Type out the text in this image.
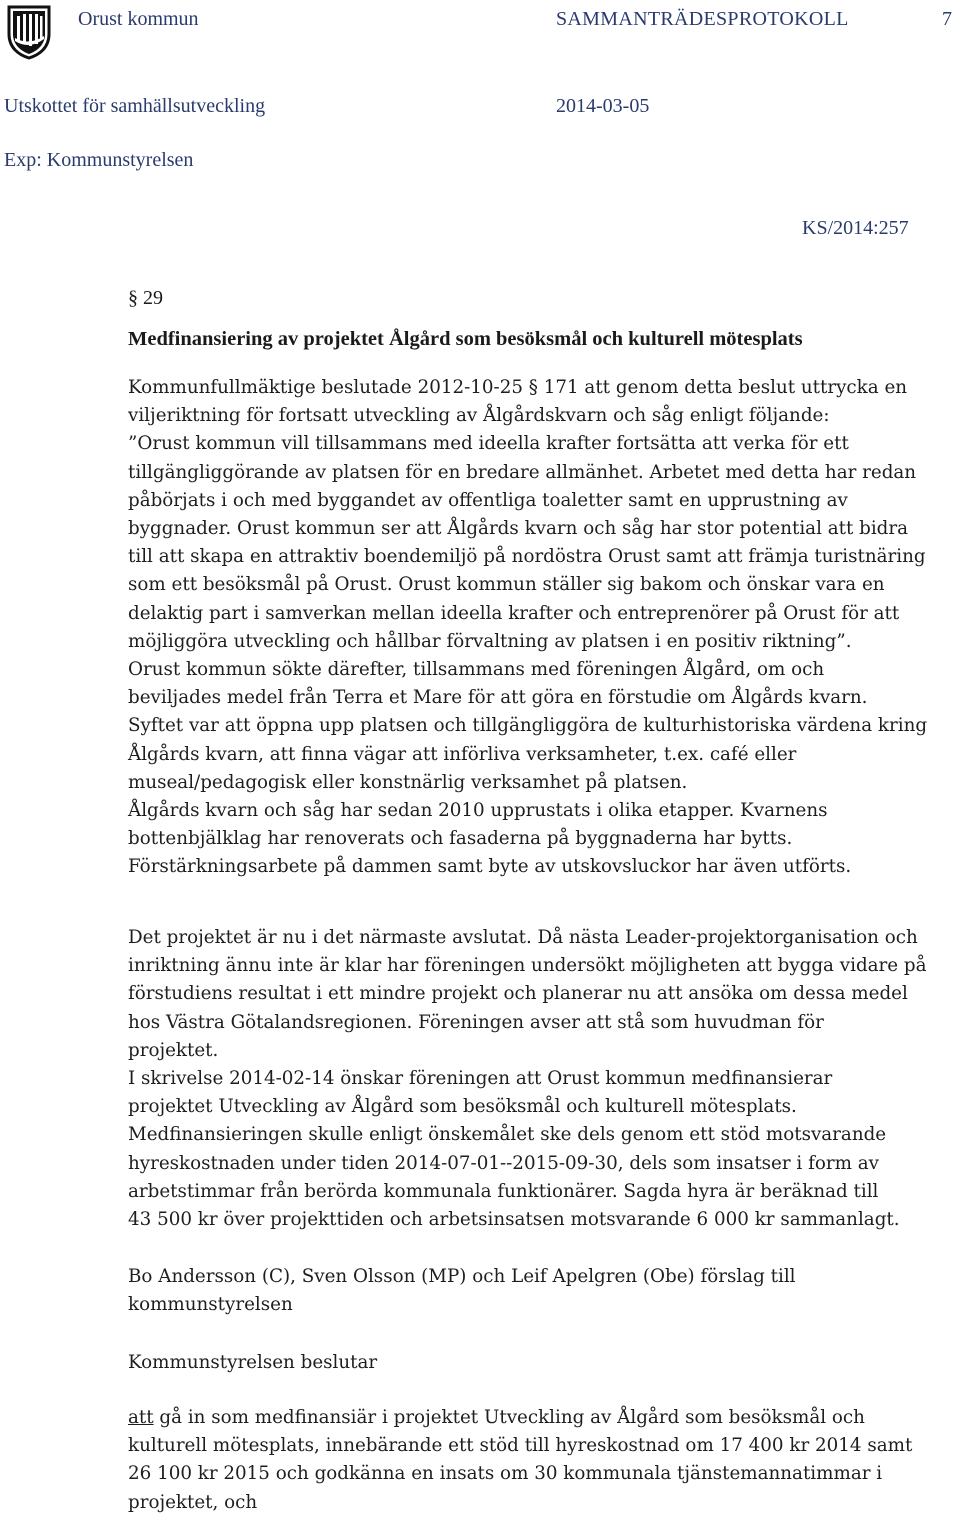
Orust kommun	SAMMANTRÄDESPROTOKOLL	7
Utskottet för samhällsutveckling	2014-03-05
Exp: Kommunstyrelsen
KS/2014:257
§ 29
Medfinansiering av projektet Ålgård som besöksmål och kulturell mötesplats
Kommunfullmäktige beslutade 2012-10-25 § 171 att genom detta beslut uttrycka en
viljeriktning för fortsatt utveckling av Ålgårdskvarn och såg enligt följande:
”Orust kommun vill tillsammans med ideella krafter fortsätta att verka för ett
tillgängliggörande av platsen för en bredare allmänhet. Arbetet med detta har redan
påbörjats i och med byggandet av offentliga toaletter samt en upprustning av
byggnader. Orust kommun ser att Ålgårds kvarn och såg har stor potential att bidra
till att skapa en attraktiv boendemiljö på nordöstra Orust samt att främja turistnäring
som ett besöksmål på Orust. Orust kommun ställer sig bakom och önskar vara en
delaktig part i samverkan mellan ideella krafter och entreprenörer på Orust för att
möjliggöra utveckling och hållbar förvaltning av platsen i en positiv riktning”.
Orust kommun sökte därefter, tillsammans med föreningen Ålgård, om och
beviljades medel från Terra et Mare för att göra en förstudie om Ålgårds kvarn.
Syftet var att öppna upp platsen och tillgängliggöra de kulturhistoriska värdena kring
Ålgårds kvarn, att finna vägar att införliva verksamheter, t.ex. café eller
museal/pedagogisk eller konstnärlig verksamhet på platsen.
Ålgårds kvarn och såg har sedan 2010 upprustats i olika etapper. Kvarnens
bottenbjälklag har renoverats och fasaderna på byggnaderna har bytts.
Förstärkningsarbete på dammen samt byte av utskovsluckor har även utförts.
Det projektet är nu i det närmaste avslutat. Då nästa Leader-projektorganisation och
inriktning ännu inte är klar har föreningen undersökt möjligheten att bygga vidare på
förstudiens resultat i ett mindre projekt och planerar nu att ansöka om dessa medel
hos Västra Götalandsregionen. Föreningen avser att stå som huvudman för
projektet.
I skrivelse 2014-02-14 önskar föreningen att Orust kommun medfinansierar
projektet Utveckling av Ålgård som besöksmål och kulturell mötesplats.
Medfinansieringen skulle enligt önskemålet ske dels genom ett stöd motsvarande
hyreskostnaden under tiden 2014-07-01--2015-09-30, dels som insatser i form av
arbetstimmar från berörda kommunala funktionärer. Sagda hyra är beräknad till
43 500 kr över projekttiden och arbetsinsatsen motsvarande 6 000 kr sammanlagt.
Bo Andersson (C), Sven Olsson (MP) och Leif Apelgren (Obe) förslag till
kommunstyrelsen
Kommunstyrelsen beslutar
att gå in som medfinansiär i projektet Utveckling av Ålgård som besöksmål och
kulturell mötesplats, innebärande ett stöd till hyreskostnad om 17 400 kr 2014 samt
26 100 kr 2015 och godkänna en insats om 30 kommunala tjänstemannatimmar i
projektet, och
